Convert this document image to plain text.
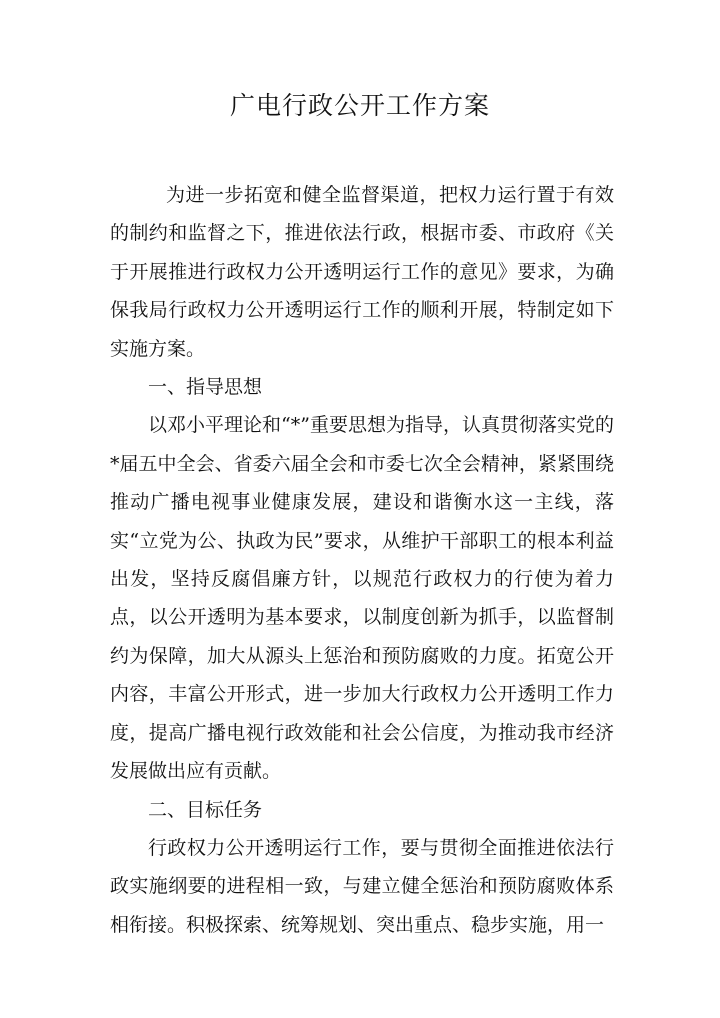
广电行政公开工作方案

为进一步拓宽和健全监督渠道，把权力运行置于有效的制约和监督之下，推进依法行政，根据市委、市政府《关于开展推进行政权力公开透明运行工作的意见》要求，为确保我局行政权力公开透明运行工作的顺利开展，特制定如下实施方案。

一、指导思想

以邓小平理论和“*”重要思想为指导，认真贯彻落实党的*届五中全会、省委六届全会和市委七次全会精神，紧紧围绕推动广播电视事业健康发展，建设和谐衡水这一主线，落实“立党为公、执政为民”要求，从维护干部职工的根本利益出发，坚持反腐倡廉方针，以规范行政权力的行使为着力点，以公开透明为基本要求，以制度创新为抓手，以监督制约为保障，加大从源头上惩治和预防腐败的力度。拓宽公开内容，丰富公开形式，进一步加大行政权力公开透明工作力度，提高广播电视行政效能和社会公信度，为推动我市经济发展做出应有贡献。

二、目标任务

行政权力公开透明运行工作，要与贯彻全面推进依法行政实施纲要的进程相一致，与建立健全惩治和预防腐败体系相衔接。积极探索、统筹规划、突出重点、稳步实施，用一
